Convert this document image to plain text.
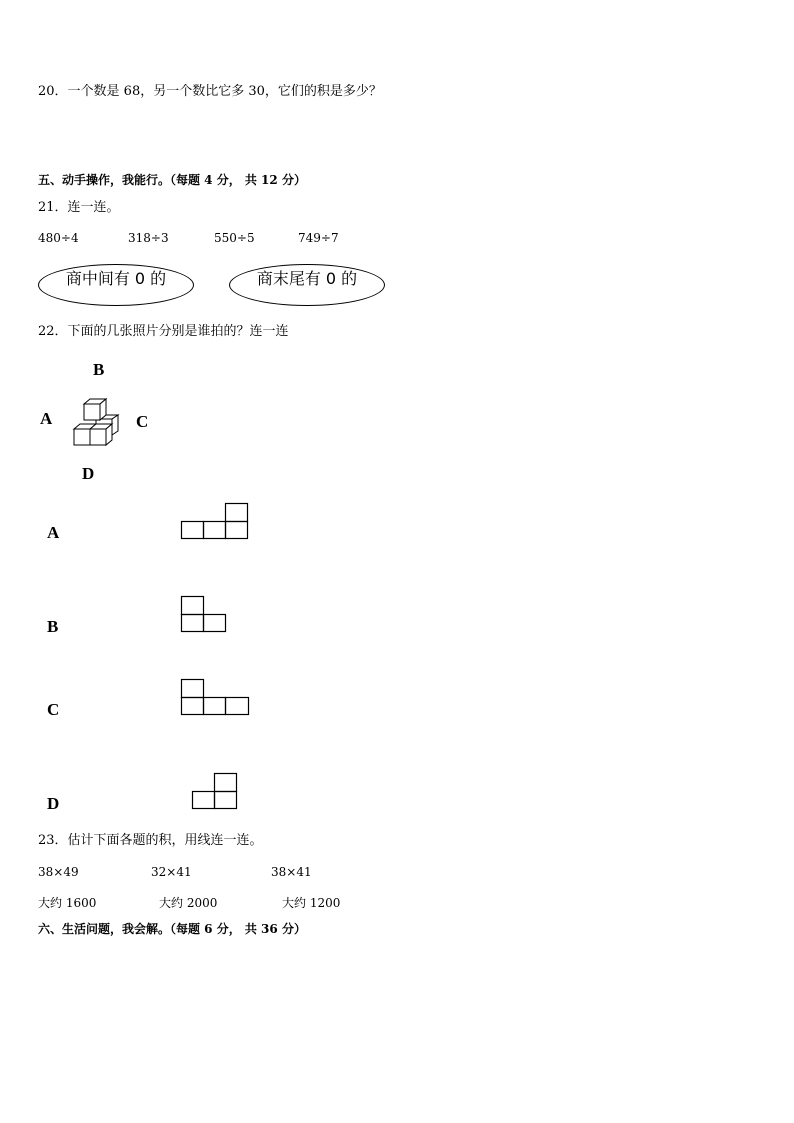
20．一个数是 68，另一个数比它多 30，它们的积是多少？
五、动手操作，我能行。（每题 4 分， 共 12 分）
21．连一连。
480÷4	318÷3	550÷5	749÷7
商中间有 0 的	商末尾有 0 的
22．下面的几张照片分别是谁拍的？连一连
B
A	C
D
A
B
C
D
23．估计下面各题的积，用线连一连。
38×49	32×41	38×41
大约 1600	大约 2000	大约 1200
六、生活问题，我会解。（每题 6 分， 共 36 分）
